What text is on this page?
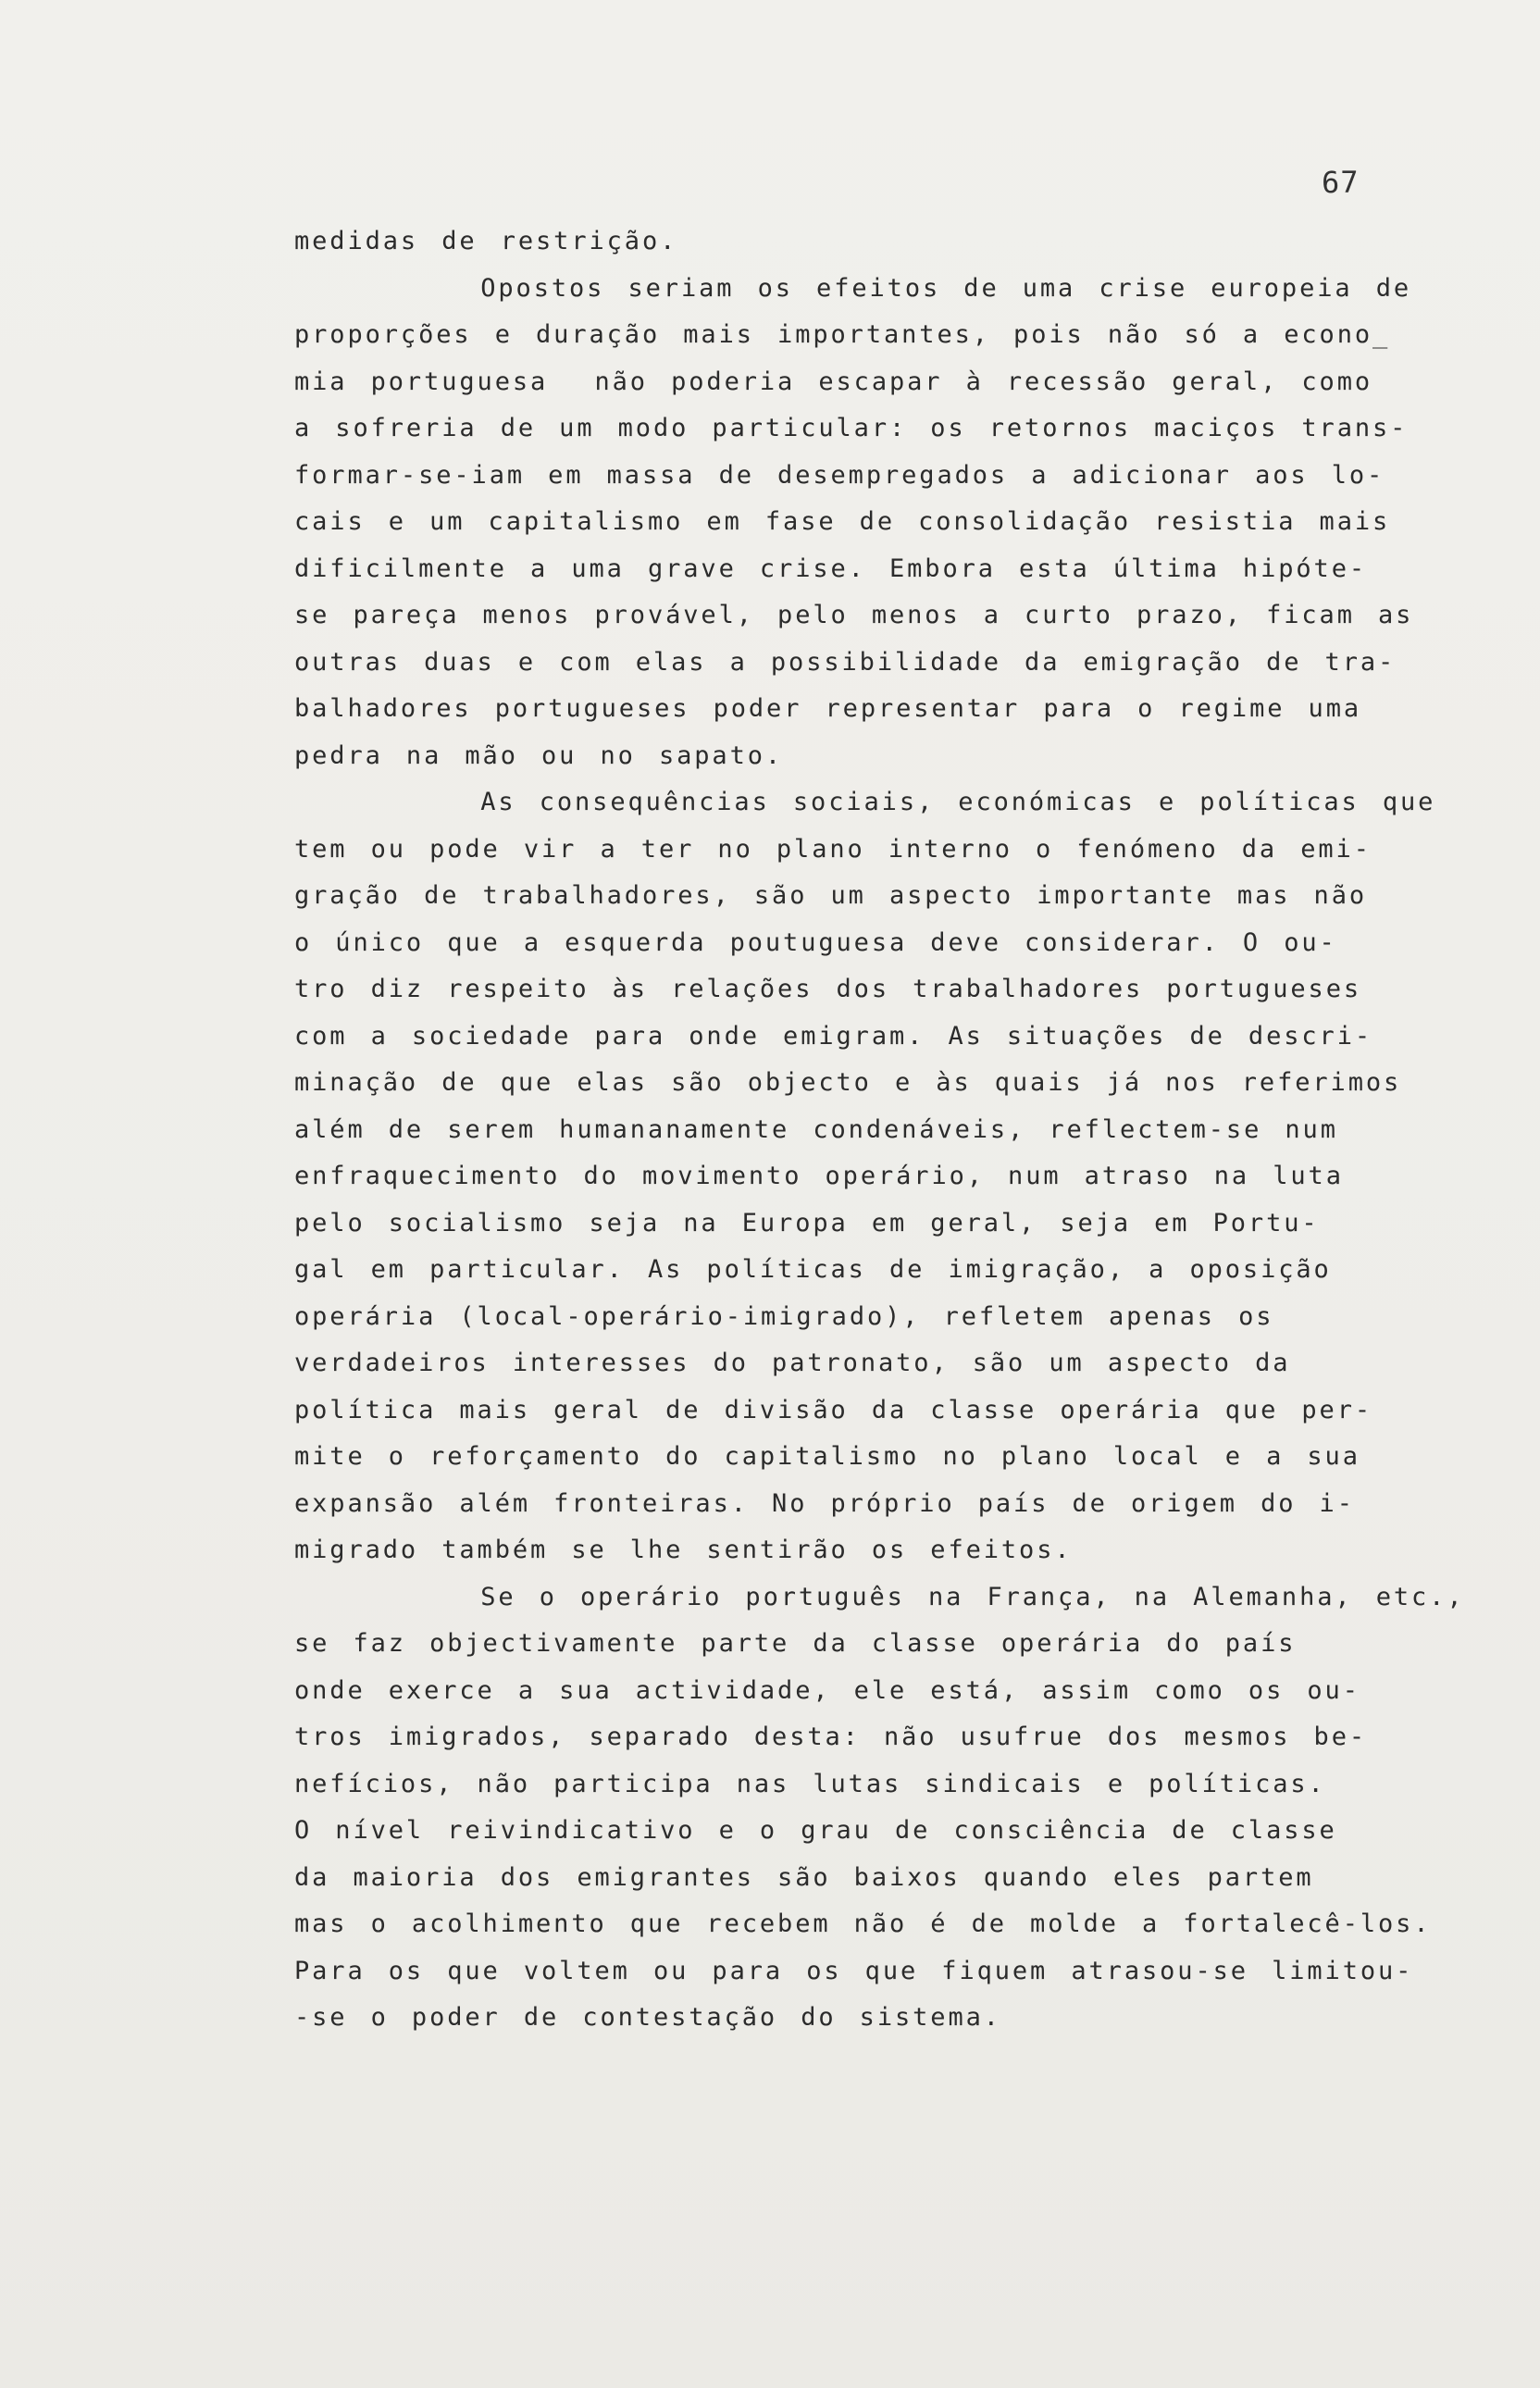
67
medidas de restrição.
Opostos seriam os efeitos de uma crise europeia de
proporções e duração mais importantes, pois não só a econo_
mia portuguesa  não poderia escapar à recessão geral, como
a sofreria de um modo particular: os retornos maciços trans-
formar-se-iam em massa de desempregados a adicionar aos lo-
cais e um capitalismo em fase de consolidação resistia mais
dificilmente a uma grave crise. Embora esta última hipóte-
se pareça menos provável, pelo menos a curto prazo, ficam as
outras duas e com elas a possibilidade da emigração de tra-
balhadores portugueses poder representar para o regime uma
pedra na mão ou no sapato.
As consequências sociais, económicas e políticas que
tem ou pode vir a ter no plano interno o fenómeno da emi-
gração de trabalhadores, são um aspecto importante mas não
o único que a esquerda poutuguesa deve considerar. O ou-
tro diz respeito às relações dos trabalhadores portugueses
com a sociedade para onde emigram. As situações de descri-
minação de que elas são objecto e às quais já nos referimos
além de serem humananamente condenáveis, reflectem-se num
enfraquecimento do movimento operário, num atraso na luta
pelo socialismo seja na Europa em geral, seja em Portu-
gal em particular. As políticas de imigração, a oposição
operária (local-operário-imigrado), refletem apenas os
verdadeiros interesses do patronato, são um aspecto da
política mais geral de divisão da classe operária que per-
mite o reforçamento do capitalismo no plano local e a sua
expansão além fronteiras. No próprio país de origem do i-
migrado também se lhe sentirão os efeitos.
Se o operário português na França, na Alemanha, etc.,
se faz objectivamente parte da classe operária do país
onde exerce a sua actividade, ele está, assim como os ou-
tros imigrados, separado desta: não usufrue dos mesmos be-
nefícios, não participa nas lutas sindicais e políticas.
O nível reivindicativo e o grau de consciência de classe
da maioria dos emigrantes são baixos quando eles partem
mas o acolhimento que recebem não é de molde a fortalecê-los.
Para os que voltem ou para os que fiquem atrasou-se limitou-
-se o poder de contestação do sistema.
